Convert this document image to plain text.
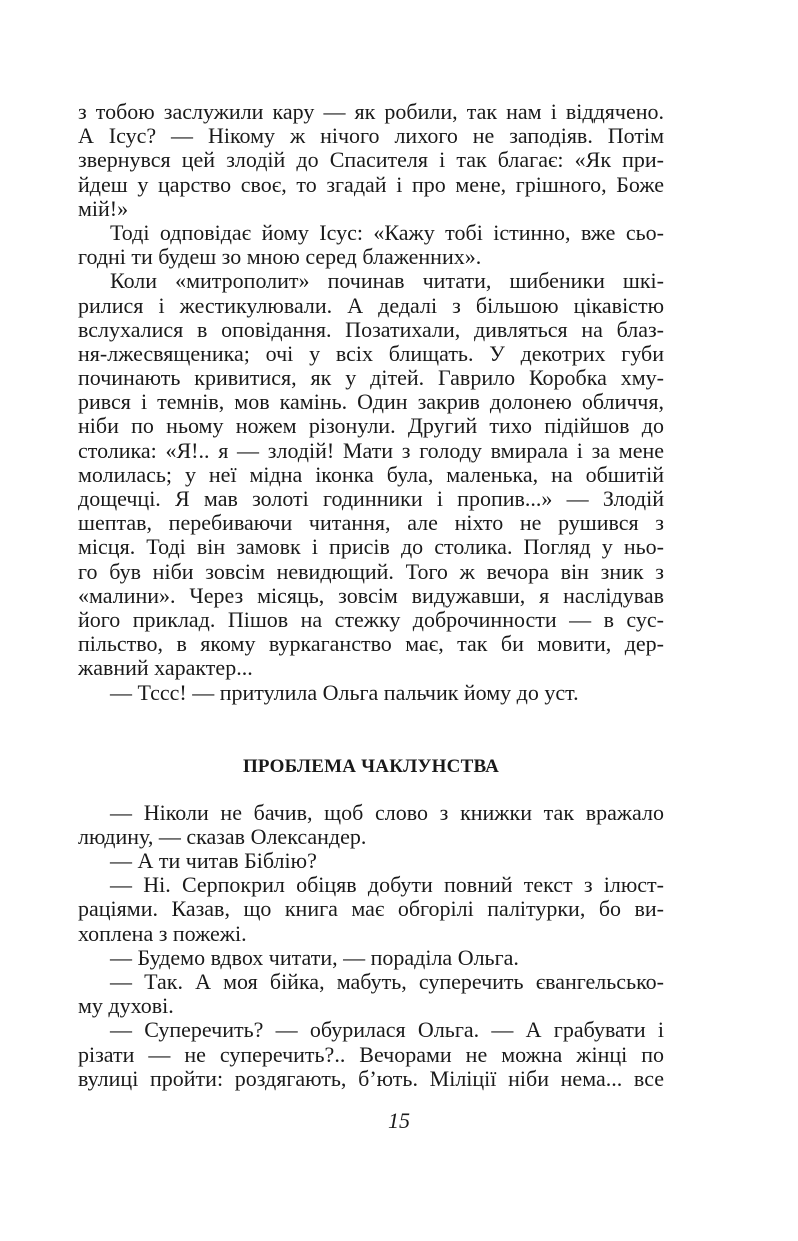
з тобою заслужили кару — як робили, так нам і віддячено.
А Ісус? — Нікому ж нічого лихого не заподіяв. Потім
звернувся цей злодій до Спасителя і так благає: «Як при-
йдеш у царство своє, то згадай і про мене, грішного, Боже
мій!»
Тоді одповідає йому Ісус: «Кажу тобі істинно, вже сьо-
годні ти будеш зо мною серед блаженних».
Коли «митрополит» починав читати, шибеники шкі-
рилися і жестикулювали. А дедалі з більшою цікавістю
вслухалися в оповідання. Позатихали, дивляться на блаз-
ня-лжесвященика; очі у всіх блищать. У декотрих губи
починають кривитися, як у дітей. Гаврило Коробка хму-
рився і темнів, мов камінь. Один закрив долонею обличчя,
ніби по ньому ножем різонули. Другий тихо підійшов до
столика: «Я!.. я — злодій! Мати з голоду вмирала і за мене
молилась; у неї мідна іконка була, маленька, на обшитій
дощечці. Я мав золоті годинники і пропив...» — Злодій
шептав, перебиваючи читання, але ніхто не рушився з
місця. Тоді він замовк і присів до столика. Погляд у ньо-
го був ніби зовсім невидющий. Того ж вечора він зник з
«малини». Через місяць, зовсім видужавши, я наслідував
його приклад. Пішов на стежку доброчинности — в сус-
пільство, в якому вуркаганство має, так би мовити, дер-
жавний характер...
— Тссс! — притулила Ольга пальчик йому до уст.
ПРОБЛЕМА ЧАКЛУНСТВА
— Ніколи не бачив, щоб слово з книжки так вражало
людину, — сказав Олександер.
— А ти читав Біблію?
— Ні. Серпокрил обіцяв добути повний текст з ілюст-
раціями. Казав, що книга має обгорілі палітурки, бо ви-
хоплена з пожежі.
— Будемо вдвох читати, — пораділа Ольга.
— Так. А моя бійка, мабуть, суперечить євангельсько-
му духові.
— Суперечить? — обурилася Ольга. — А грабувати і
різати — не суперечить?.. Вечорами не можна жінці по
вулиці пройти: роздягають, б’ють. Міліції ніби нема... все
15
